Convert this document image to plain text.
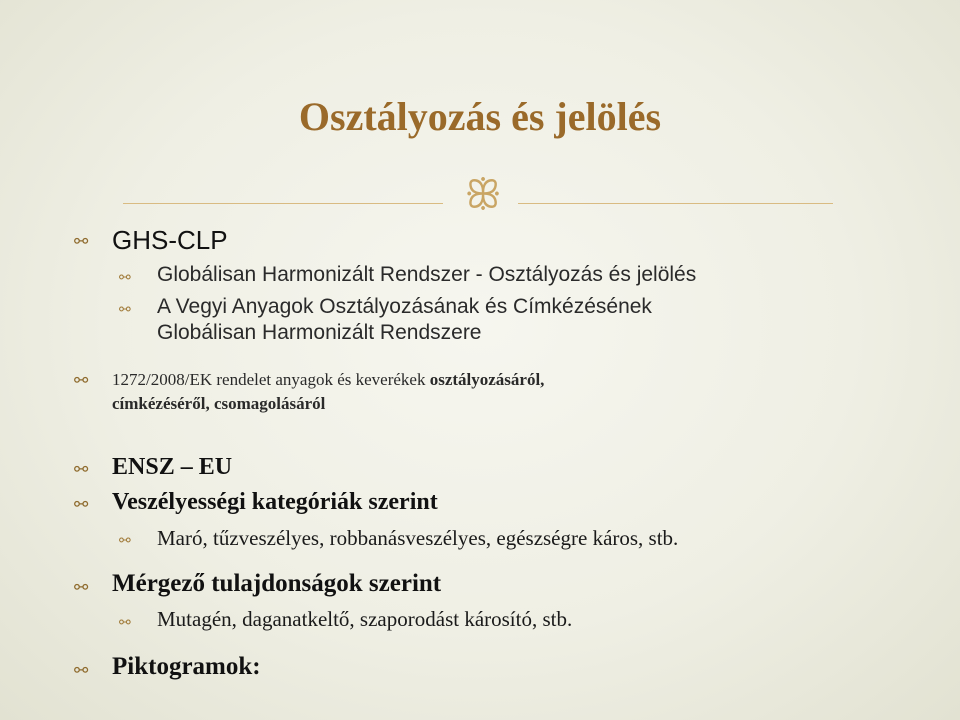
Osztályozás és jelölés
ꕥ
⚯ GHS-CLP

⚯	Globálisan Harmonizált Rendszer - Osztályozás és jelölés

⚯	A Vegyi Anyagok Osztályozásának és Címkézésének

Globálisan Harmonizált Rendszere

⚯	1272/2008/EK rendelet anyagok és keverékek osztályozásáról,

címkézéséről, csomagolásáról

⚯ ENSZ – EU

⚯ Veszélyességi kategóriák szerint

⚯	Maró, tűzveszélyes, robbanásveszélyes, egészségre káros, stb.

⚯ Mérgező tulajdonságok szerint

⚯	Mutagén, daganatkeltő, szaporodást károsító, stb.

⚯ Piktogramok:
